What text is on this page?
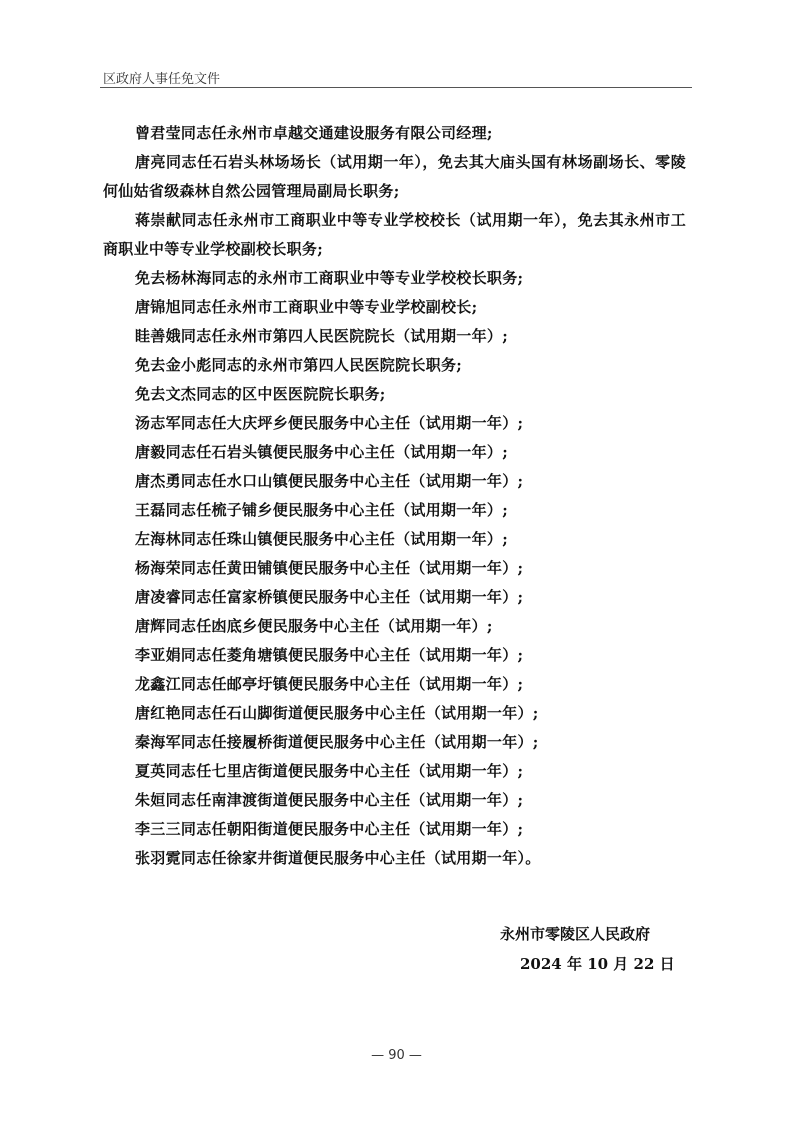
区政府人事任免文件

曾君莹同志任永州市卓越交通建设服务有限公司经理;

唐亮同志任石岩头林场场长（试用期一年），免去其大庙头国有林场副场长、零陵何仙姑省级森林自然公园管理局副局长职务;

蒋崇献同志任永州市工商职业中等专业学校校长（试用期一年），免去其永州市工商职业中等专业学校副校长职务;

免去杨林海同志的永州市工商职业中等专业学校校长职务;

唐锦旭同志任永州市工商职业中等专业学校副校长;

眭善娥同志任永州市第四人民医院院长（试用期一年）;

免去金小彪同志的永州市第四人民医院院长职务;

免去文杰同志的区中医医院院长职务;

汤志军同志任大庆坪乡便民服务中心主任（试用期一年）;

唐毅同志任石岩头镇便民服务中心主任（试用期一年）;

唐杰勇同志任水口山镇便民服务中心主任（试用期一年）;

王磊同志任梳子铺乡便民服务中心主任（试用期一年）;

左海林同志任珠山镇便民服务中心主任（试用期一年）;

杨海荣同志任黄田铺镇便民服务中心主任（试用期一年）;

唐凌睿同志任富家桥镇便民服务中心主任（试用期一年）;

唐辉同志任凼底乡便民服务中心主任（试用期一年）;

李亚娟同志任菱角塘镇便民服务中心主任（试用期一年）;

龙鑫江同志任邮亭圩镇便民服务中心主任（试用期一年）;

唐红艳同志任石山脚街道便民服务中心主任（试用期一年）;

秦海军同志任接履桥街道便民服务中心主任（试用期一年）;

夏英同志任七里店街道便民服务中心主任（试用期一年）;

朱姮同志任南津渡街道便民服务中心主任（试用期一年）;

李三三同志任朝阳街道便民服务中心主任（试用期一年）;

张羽霓同志任徐家井街道便民服务中心主任（试用期一年）。

永州市零陵区人民政府
2024 年 10 月 22 日
— 90 —
